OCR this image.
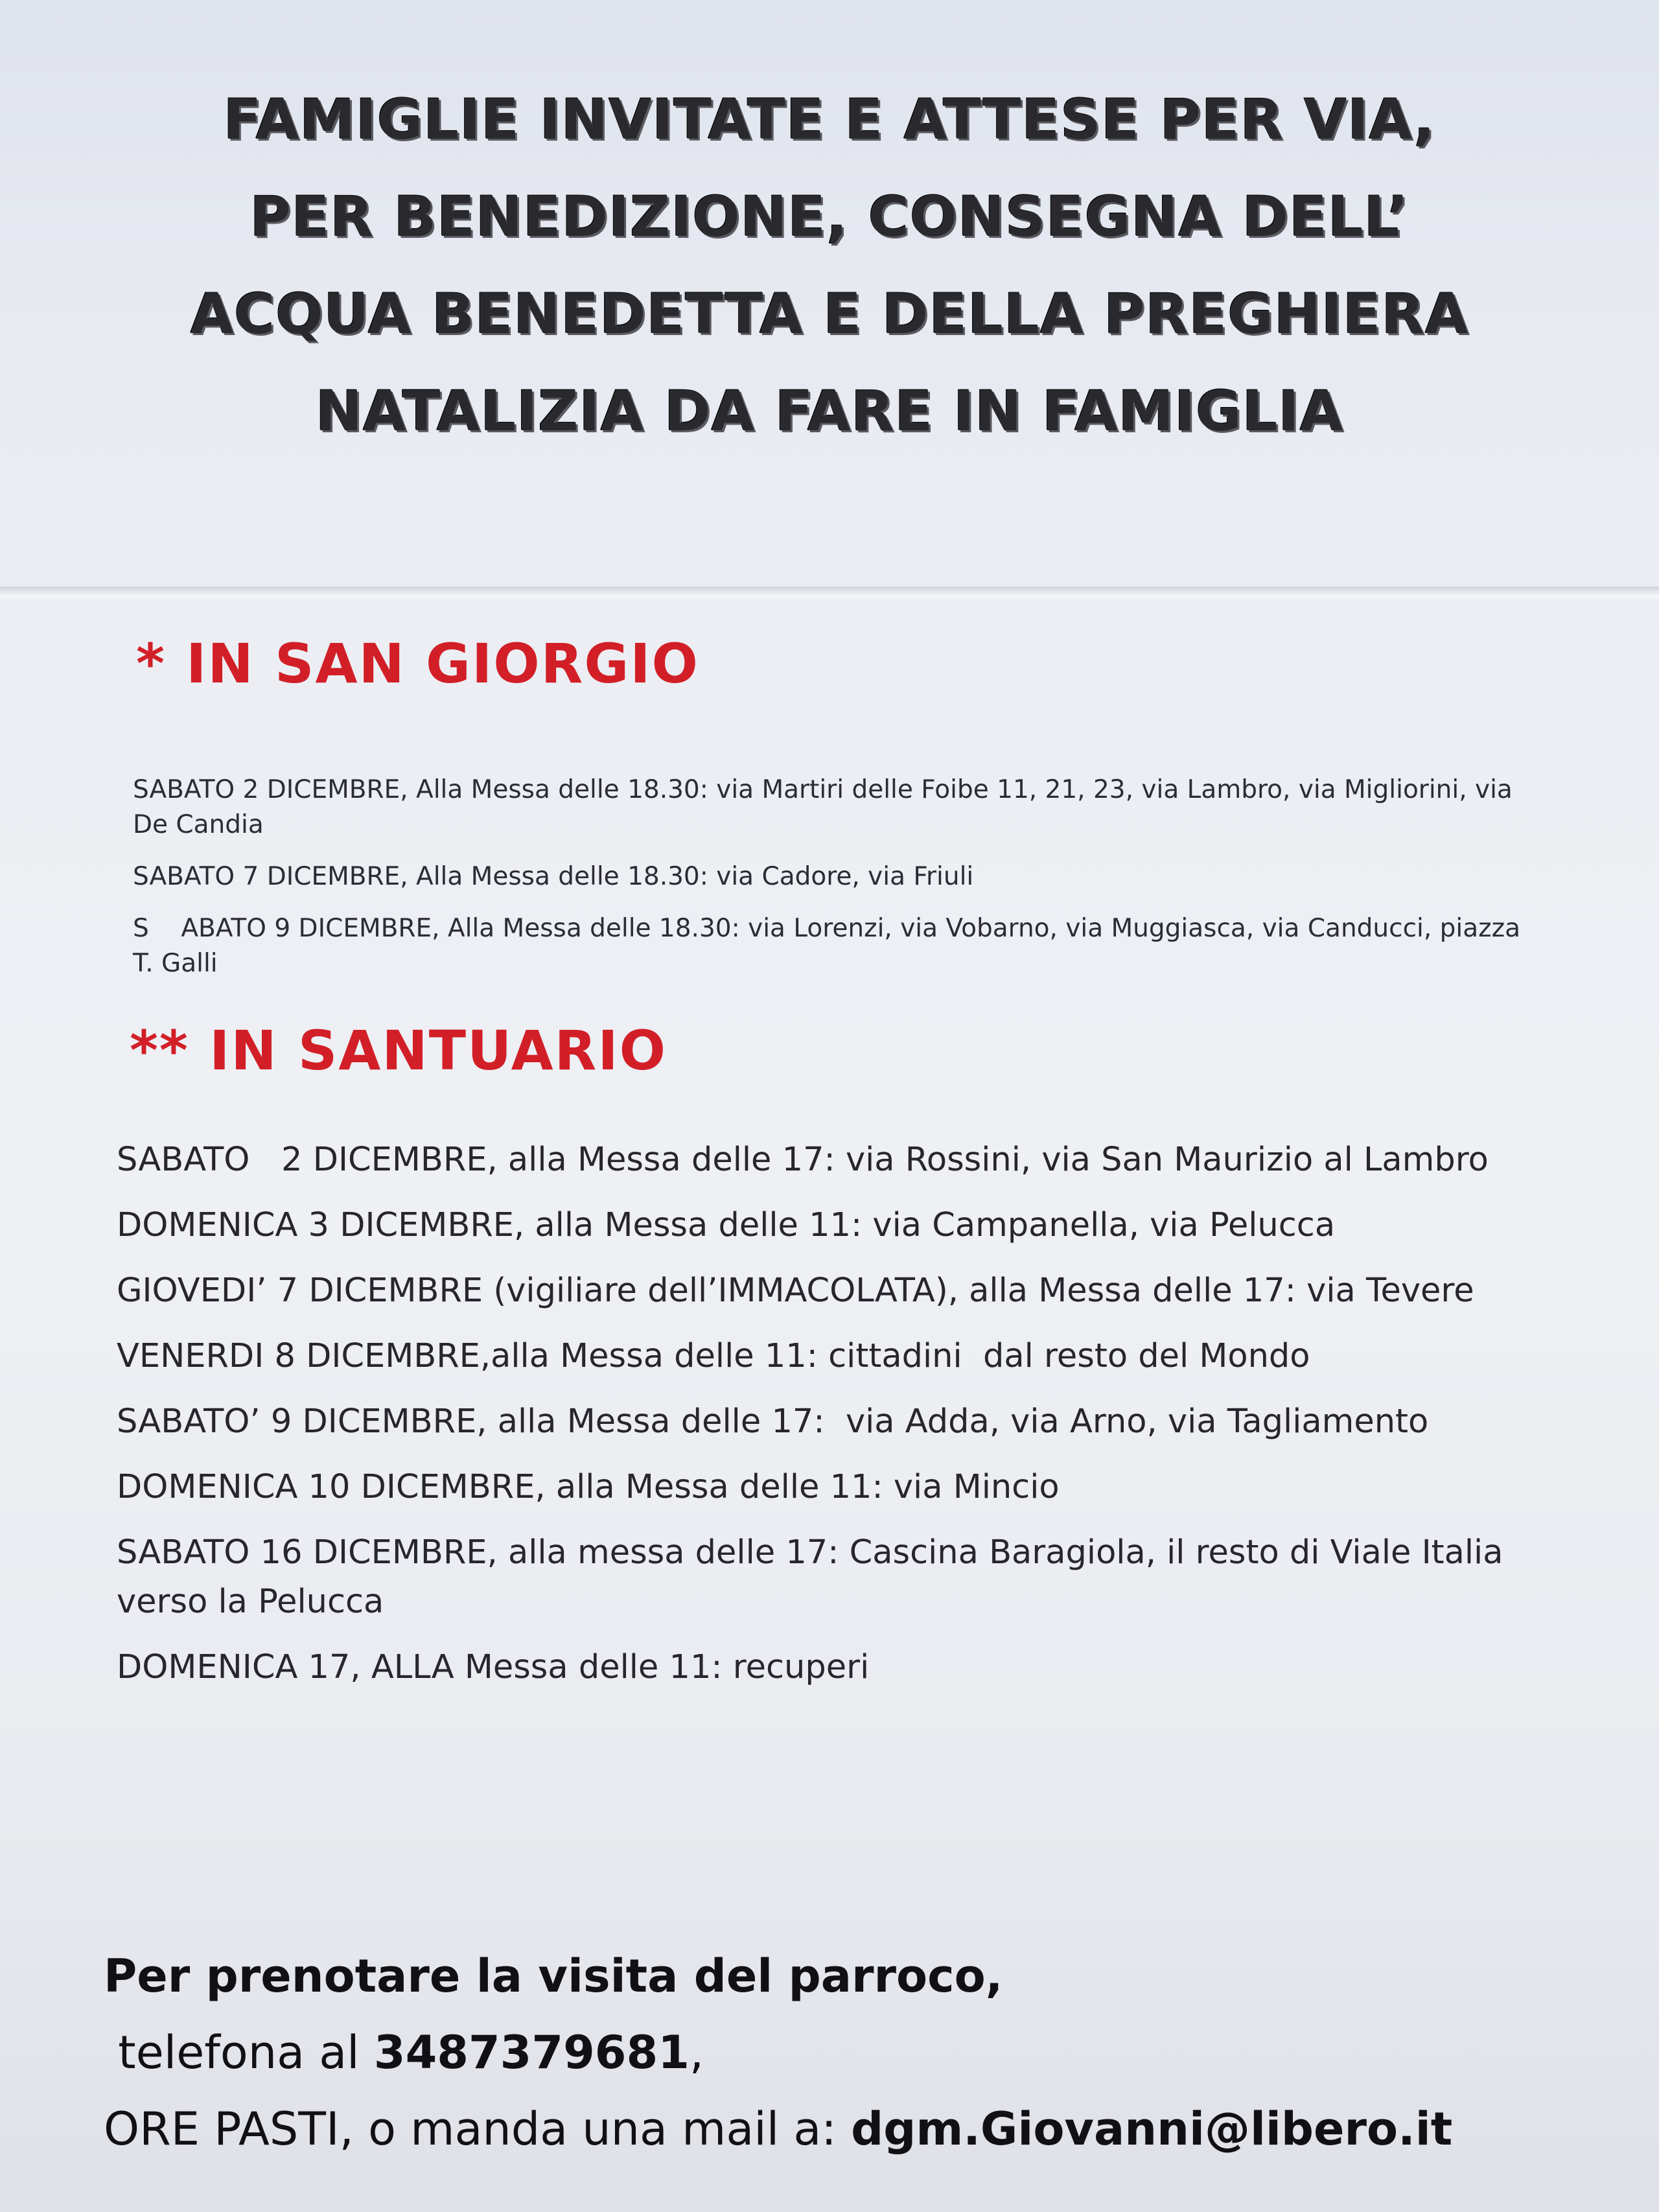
FAMIGLIE INVITATE E ATTESE PER VIA,
PER BENEDIZIONE, CONSEGNA DELL’
ACQUA BENEDETTA E DELLA PREGHIERA
NATALIZIA DA FARE IN FAMIGLIA
* IN SAN GIORGIO
SABATO 2 DICEMBRE, Alla Messa delle 18.30: via Martiri delle Foibe 11, 21, 23, via Lambro, via Migliorini, via De Candia
SABATO 7 DICEMBRE, Alla Messa delle 18.30: via Cadore, via Friuli
S    ABATO 9 DICEMBRE, Alla Messa delle 18.30: via Lorenzi, via Vobarno, via Muggiasca, via Canducci, piazza T. Galli
** IN SANTUARIO
SABATO   2 DICEMBRE, alla Messa delle 17: via Rossini, via San Maurizio al Lambro
DOMENICA 3 DICEMBRE, alla Messa delle 11: via Campanella, via Pelucca
GIOVEDI’ 7 DICEMBRE (vigiliare dell’IMMACOLATA), alla Messa delle 17: via Tevere
VENERDI 8 DICEMBRE,alla Messa delle 11: cittadini  dal resto del Mondo
SABATO’ 9 DICEMBRE, alla Messa delle 17:  via Adda, via Arno, via Tagliamento
DOMENICA 10 DICEMBRE, alla Messa delle 11: via Mincio
SABATO 16 DICEMBRE, alla messa delle 17: Cascina Baragiola, il resto di Viale Italia verso la Pelucca
DOMENICA 17, ALLA Messa delle 11: recuperi

Per prenotare la visita del parroco, telefona al 3487379681,

ORE PASTI, o manda una mail a: dgm.Giovanni@libero.it
